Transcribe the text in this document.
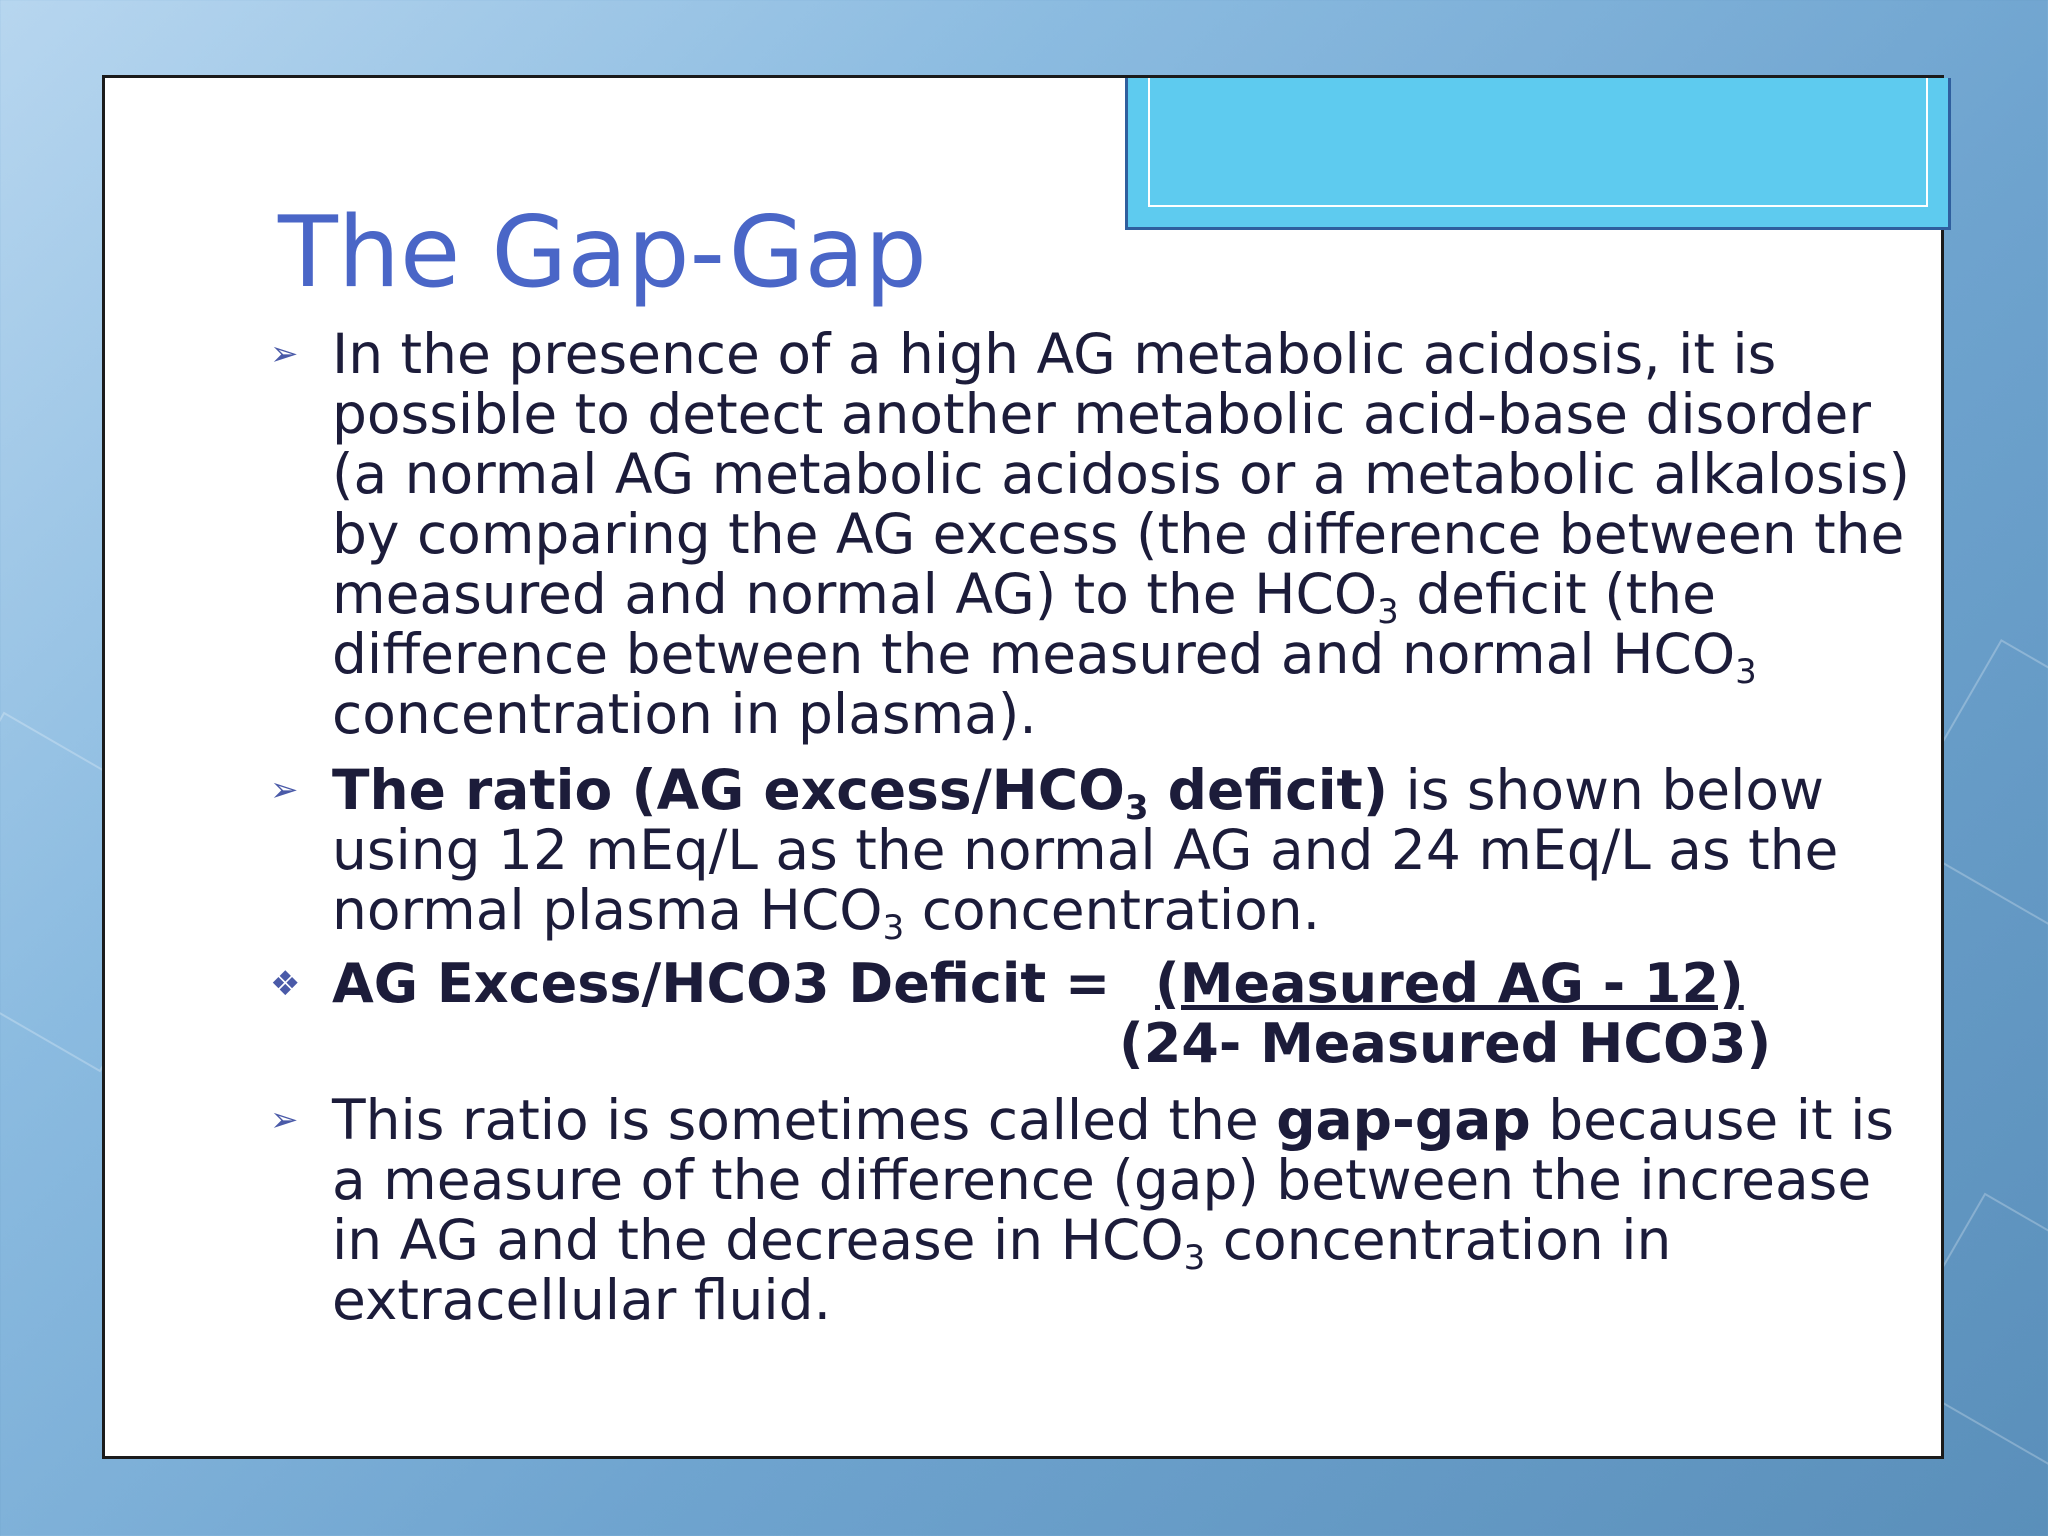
The Gap-Gap
➢ In the presence of a high AG metabolic acidosis, it is possible to detect another metabolic acid-base disorder (a normal AG metabolic acidosis or a metabolic alkalosis) by comparing the AG excess (the difference between the measured and normal AG) to the $HCO_3$ deficit (the difference between the measured and normal $HCO_3$ concentration in plasma).
➢ The ratio (AG excess/$HCO_3$ deficit) is shown below using 12 mEq/L as the normal AG and 24 mEq/L as the normal plasma $HCO_3$ concentration.
❖ AG Excess/HCO3 Deficit = $\frac{\text{(Measured AG - 12)}}{\text{(24- Measured HCO3)}}$
➢ This ratio is sometimes called the gap-gap because it is a measure of the difference (gap) between the increase in AG and the decrease in $HCO_3$ concentration in extracellular fluid.
